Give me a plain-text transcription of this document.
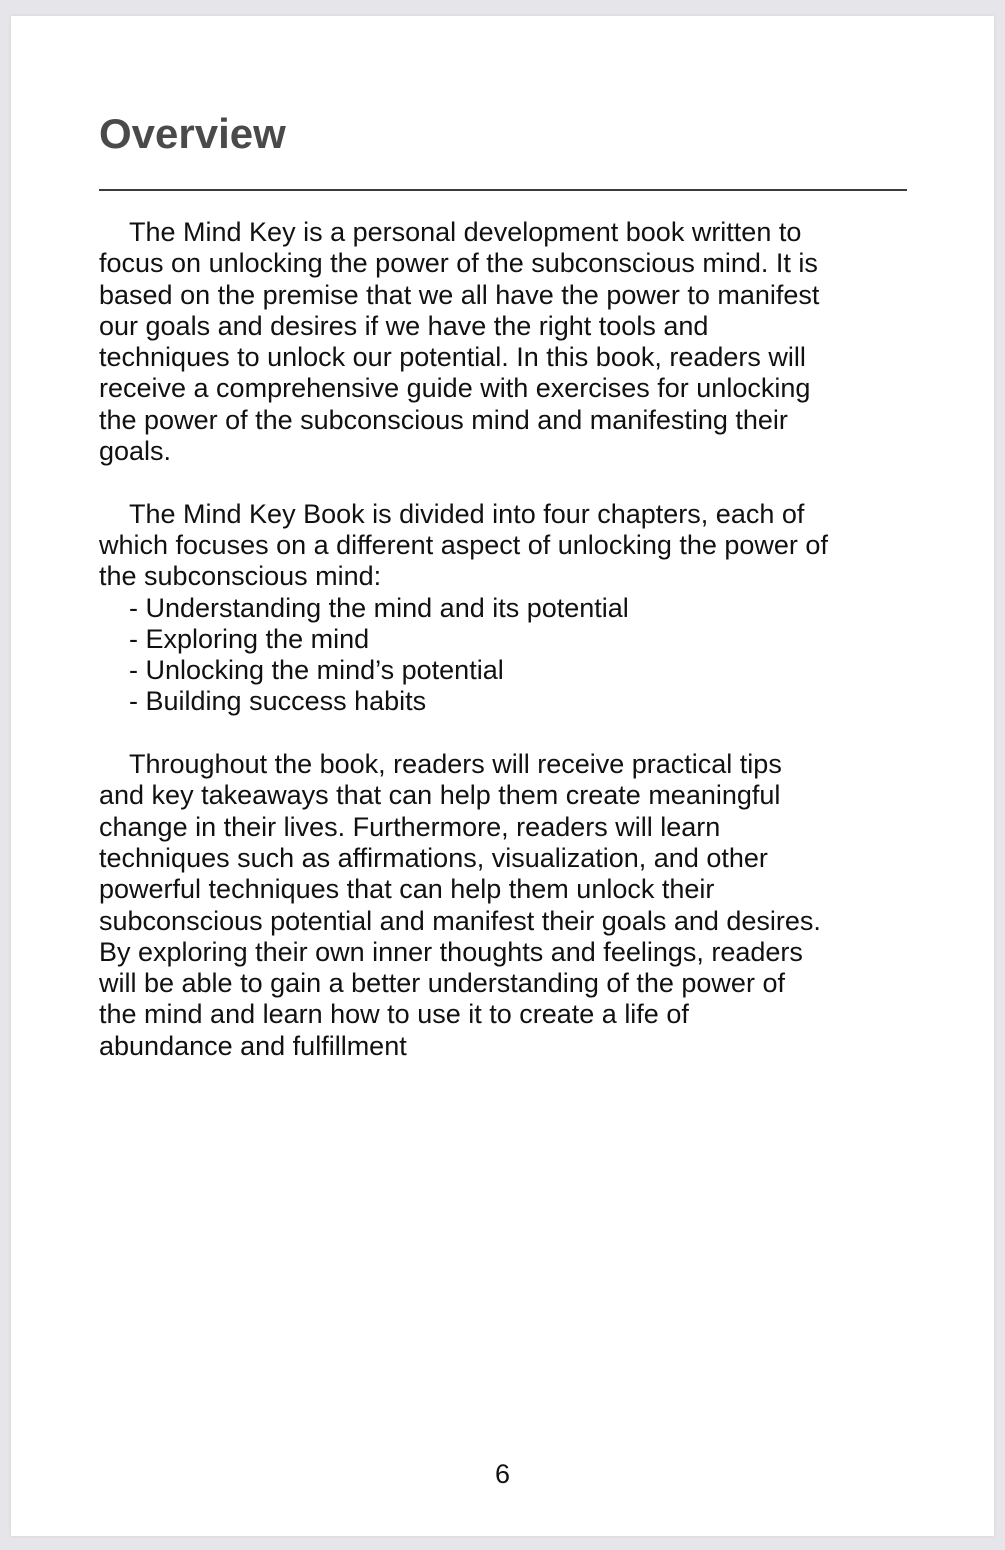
Overview
The Mind Key is a personal development book written to
focus on unlocking the power of the subconscious mind. It is
based on the premise that we all have the power to manifest
our goals and desires if we have the right tools and
techniques to unlock our potential. In this book, readers will
receive a comprehensive guide with exercises for unlocking
the power of the subconscious mind and manifesting their
goals.
The Mind Key Book is divided into four chapters, each of
which focuses on a different aspect of unlocking the power of
the subconscious mind:
- Understanding the mind and its potential
- Exploring the mind
- Unlocking the mind’s potential
- Building success habits
Throughout the book, readers will receive practical tips
and key takeaways that can help them create meaningful
change in their lives. Furthermore, readers will learn
techniques such as affirmations, visualization, and other
powerful techniques that can help them unlock their
subconscious potential and manifest their goals and desires.
By exploring their own inner thoughts and feelings, readers
will be able to gain a better understanding of the power of
the mind and learn how to use it to create a life of
abundance and fulfillment
6
